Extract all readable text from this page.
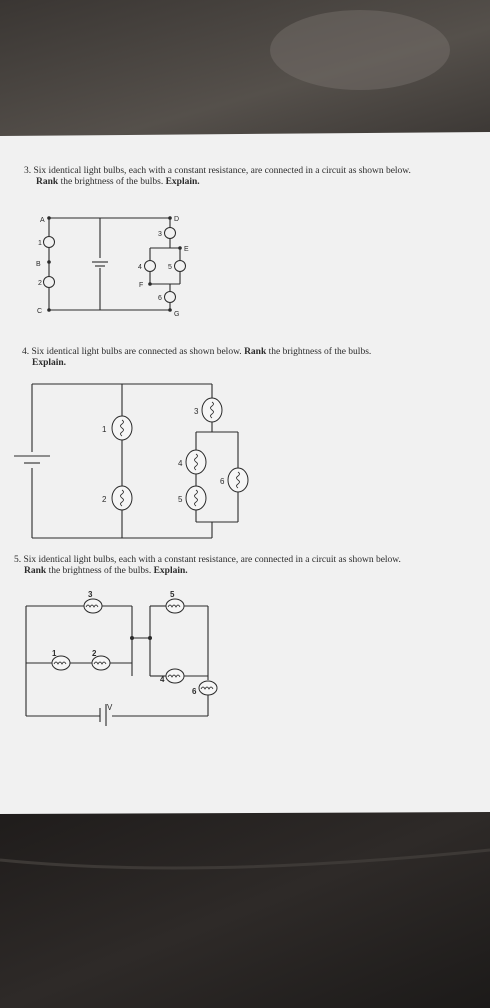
3. Six identical light bulbs, each with a constant resistance, are connected in a circuit as shown below.
Rank the brightness of the bulbs. Explain.
A
B
C
D
E
F
G
1
2
3
4	5
6
4. Six identical light bulbs are connected as shown below. Rank the brightness of the bulbs.
Explain.
1
2
3
4
5
6
5. Six identical light bulbs, each with a constant resistance, are connected in a circuit as shown below.
Rank the brightness of the bulbs. Explain.
3
1	2
5
4
6
V
